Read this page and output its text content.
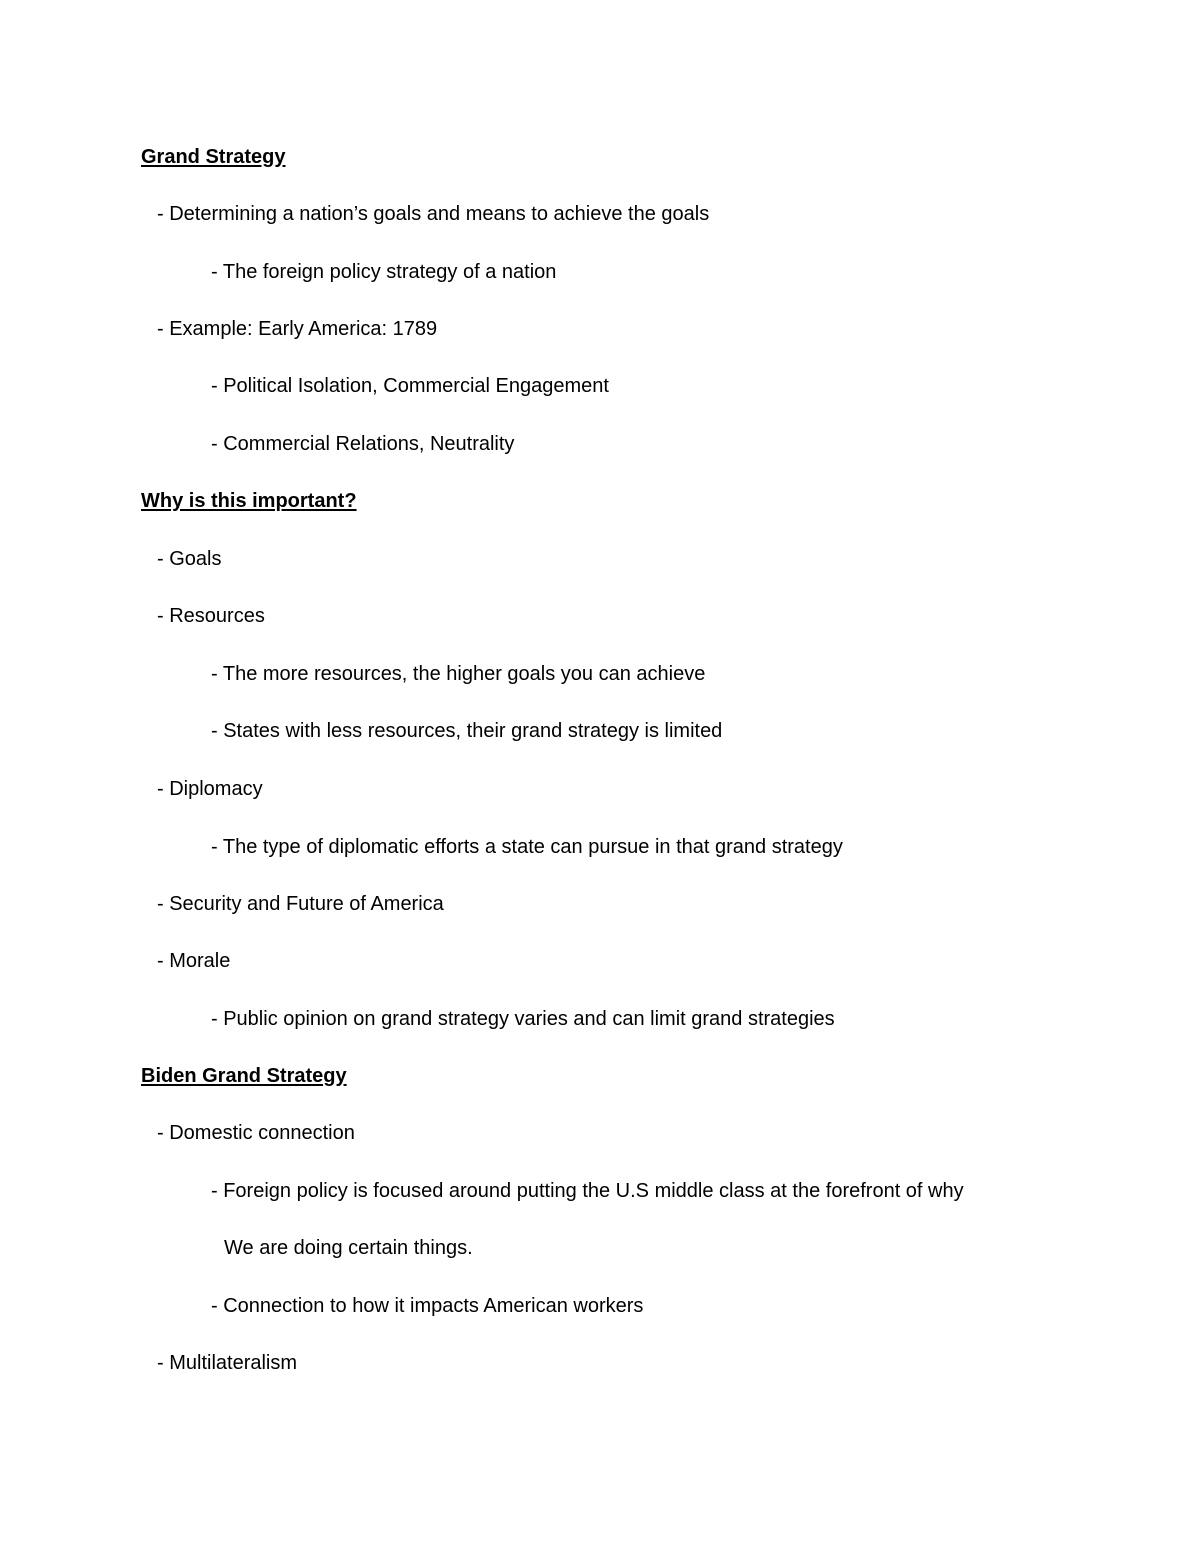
Grand Strategy
- Determining a nation’s goals and means to achieve the goals
- The foreign policy strategy of a nation
- Example: Early America: 1789
- Political Isolation, Commercial Engagement
- Commercial Relations, Neutrality
Why is this important?
- Goals
- Resources
- The more resources, the higher goals you can achieve
- States with less resources, their grand strategy is limited
- Diplomacy
- The type of diplomatic efforts a state can pursue in that grand strategy
- Security and Future of America
- Morale
- Public opinion on grand strategy varies and can limit grand strategies
Biden Grand Strategy
- Domestic connection
- Foreign policy is focused around putting the U.S middle class at the forefront of why
We are doing certain things.
- Connection to how it impacts American workers
- Multilateralism
